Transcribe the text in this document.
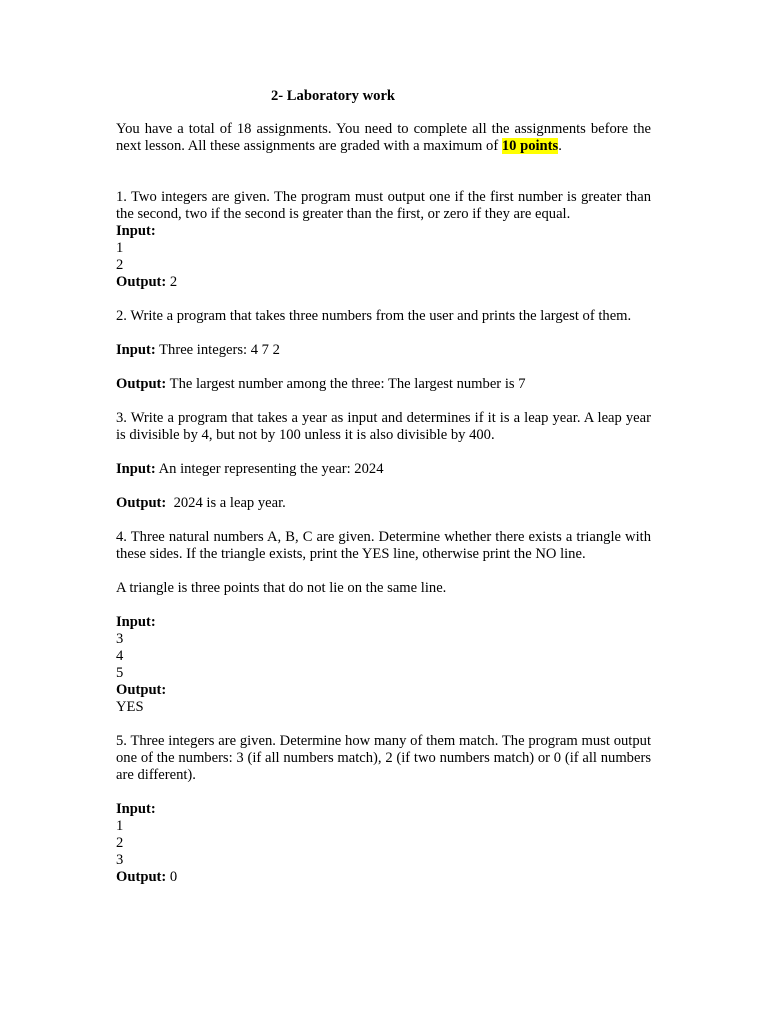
2- Laboratory work

You have a total of 18 assignments. You need to complete all the assignments before the next lesson. All these assignments are graded with a maximum of 10 points.

1. Two integers are given. The program must output one if the first number is greater than the second, two if the second is greater than the first, or zero if they are equal.

Input:

1

2

Output: 2

2. Write a program that takes three numbers from the user and prints the largest of them.

Input: Three integers: 4 7 2

Output: The largest number among the three: The largest number is 7

3. Write a program that takes a year as input and determines if it is a leap year. A leap year is divisible by 4, but not by 100 unless it is also divisible by 400.

Input: An integer representing the year: 2024

Output:  2024 is a leap year.

4. Three natural numbers A, B, C are given. Determine whether there exists a triangle with these sides. If the triangle exists, print the YES line, otherwise print the NO line.

A triangle is three points that do not lie on the same line.

Input:

3

4

5

Output:

YES

5. Three integers are given. Determine how many of them match. The program must output one of the numbers: 3 (if all numbers match), 2 (if two numbers match) or 0 (if all numbers are different).

Input:

1

2

3

Output: 0
